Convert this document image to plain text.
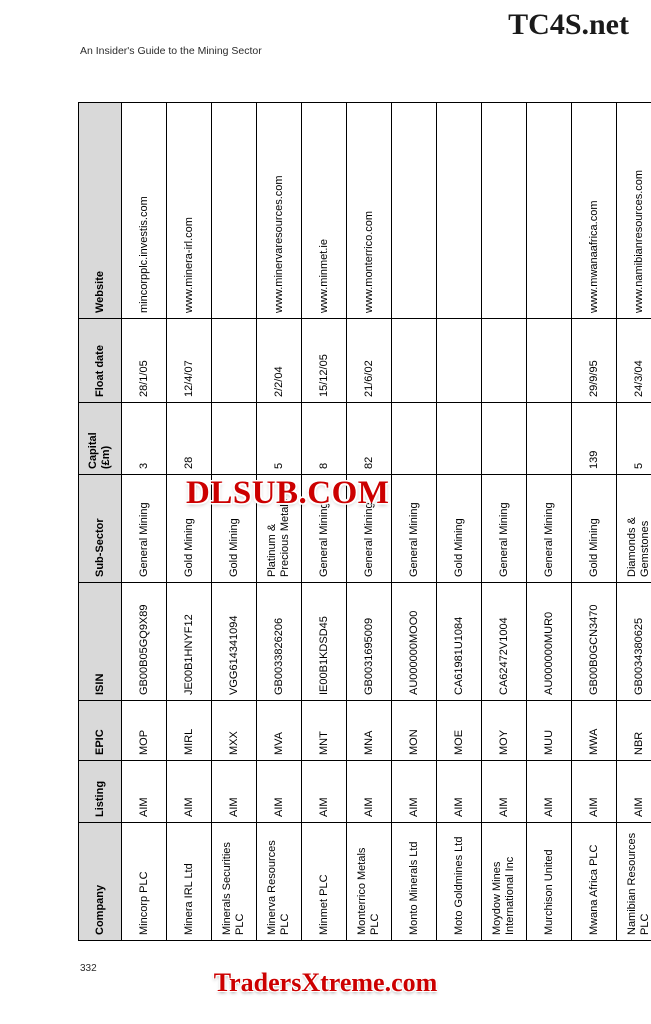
TC4S.net
An Insider's Guide to the Mining Sector
Company	Listing	EPIC	ISIN	Sub-Sector	Capital (£m)	Float date	Website
Mincorp PLC	AIM	MOP	GB00B05GQ9X89	General Mining	3	28/1/05	mincorpplc.investis.com
Minera IRL Ltd	AIM	MIRL	JE00B1HNYF12	Gold Mining	28	12/4/07	www.minera-irl.com
Minerals Securities PLC	AIM	MXX	VGG614341094	Gold Mining			
Minerva Resources PLC	AIM	MVA	GB0033826206	Platinum & Precious Metals	5	2/2/04	www.minervaresources.com
Minmet PLC	AIM	MNT	IE00B1KDSD45	General Mining	8	15/12/05	www.minmet.ie
Monterrico Metals PLC	AIM	MNA	GB0031695009	General Mining	82	21/6/02	www.monterrico.com
Monto Minerals Ltd	AIM	MON	AU000000MOO0	General Mining			
Moto Goldmines Ltd	AIM	MOE	CA61981U1084	Gold Mining			
Moydow Mines International Inc	AIM	MOY	CA62472V1004	General Mining			
Murchison United	AIM	MUU	AU000000MUR0	General Mining			
Mwana Africa PLC	AIM	MWA	GB00B0GCN3470	Gold Mining	139	29/9/95	www.mwanaafrica.com
Namibian Resources PLC	AIM	NBR	GB0034380625	Diamonds & Gemstones	5	24/3/04	www.namibianresources.com
DLSUB.COM
332	TradersXtreme.com
